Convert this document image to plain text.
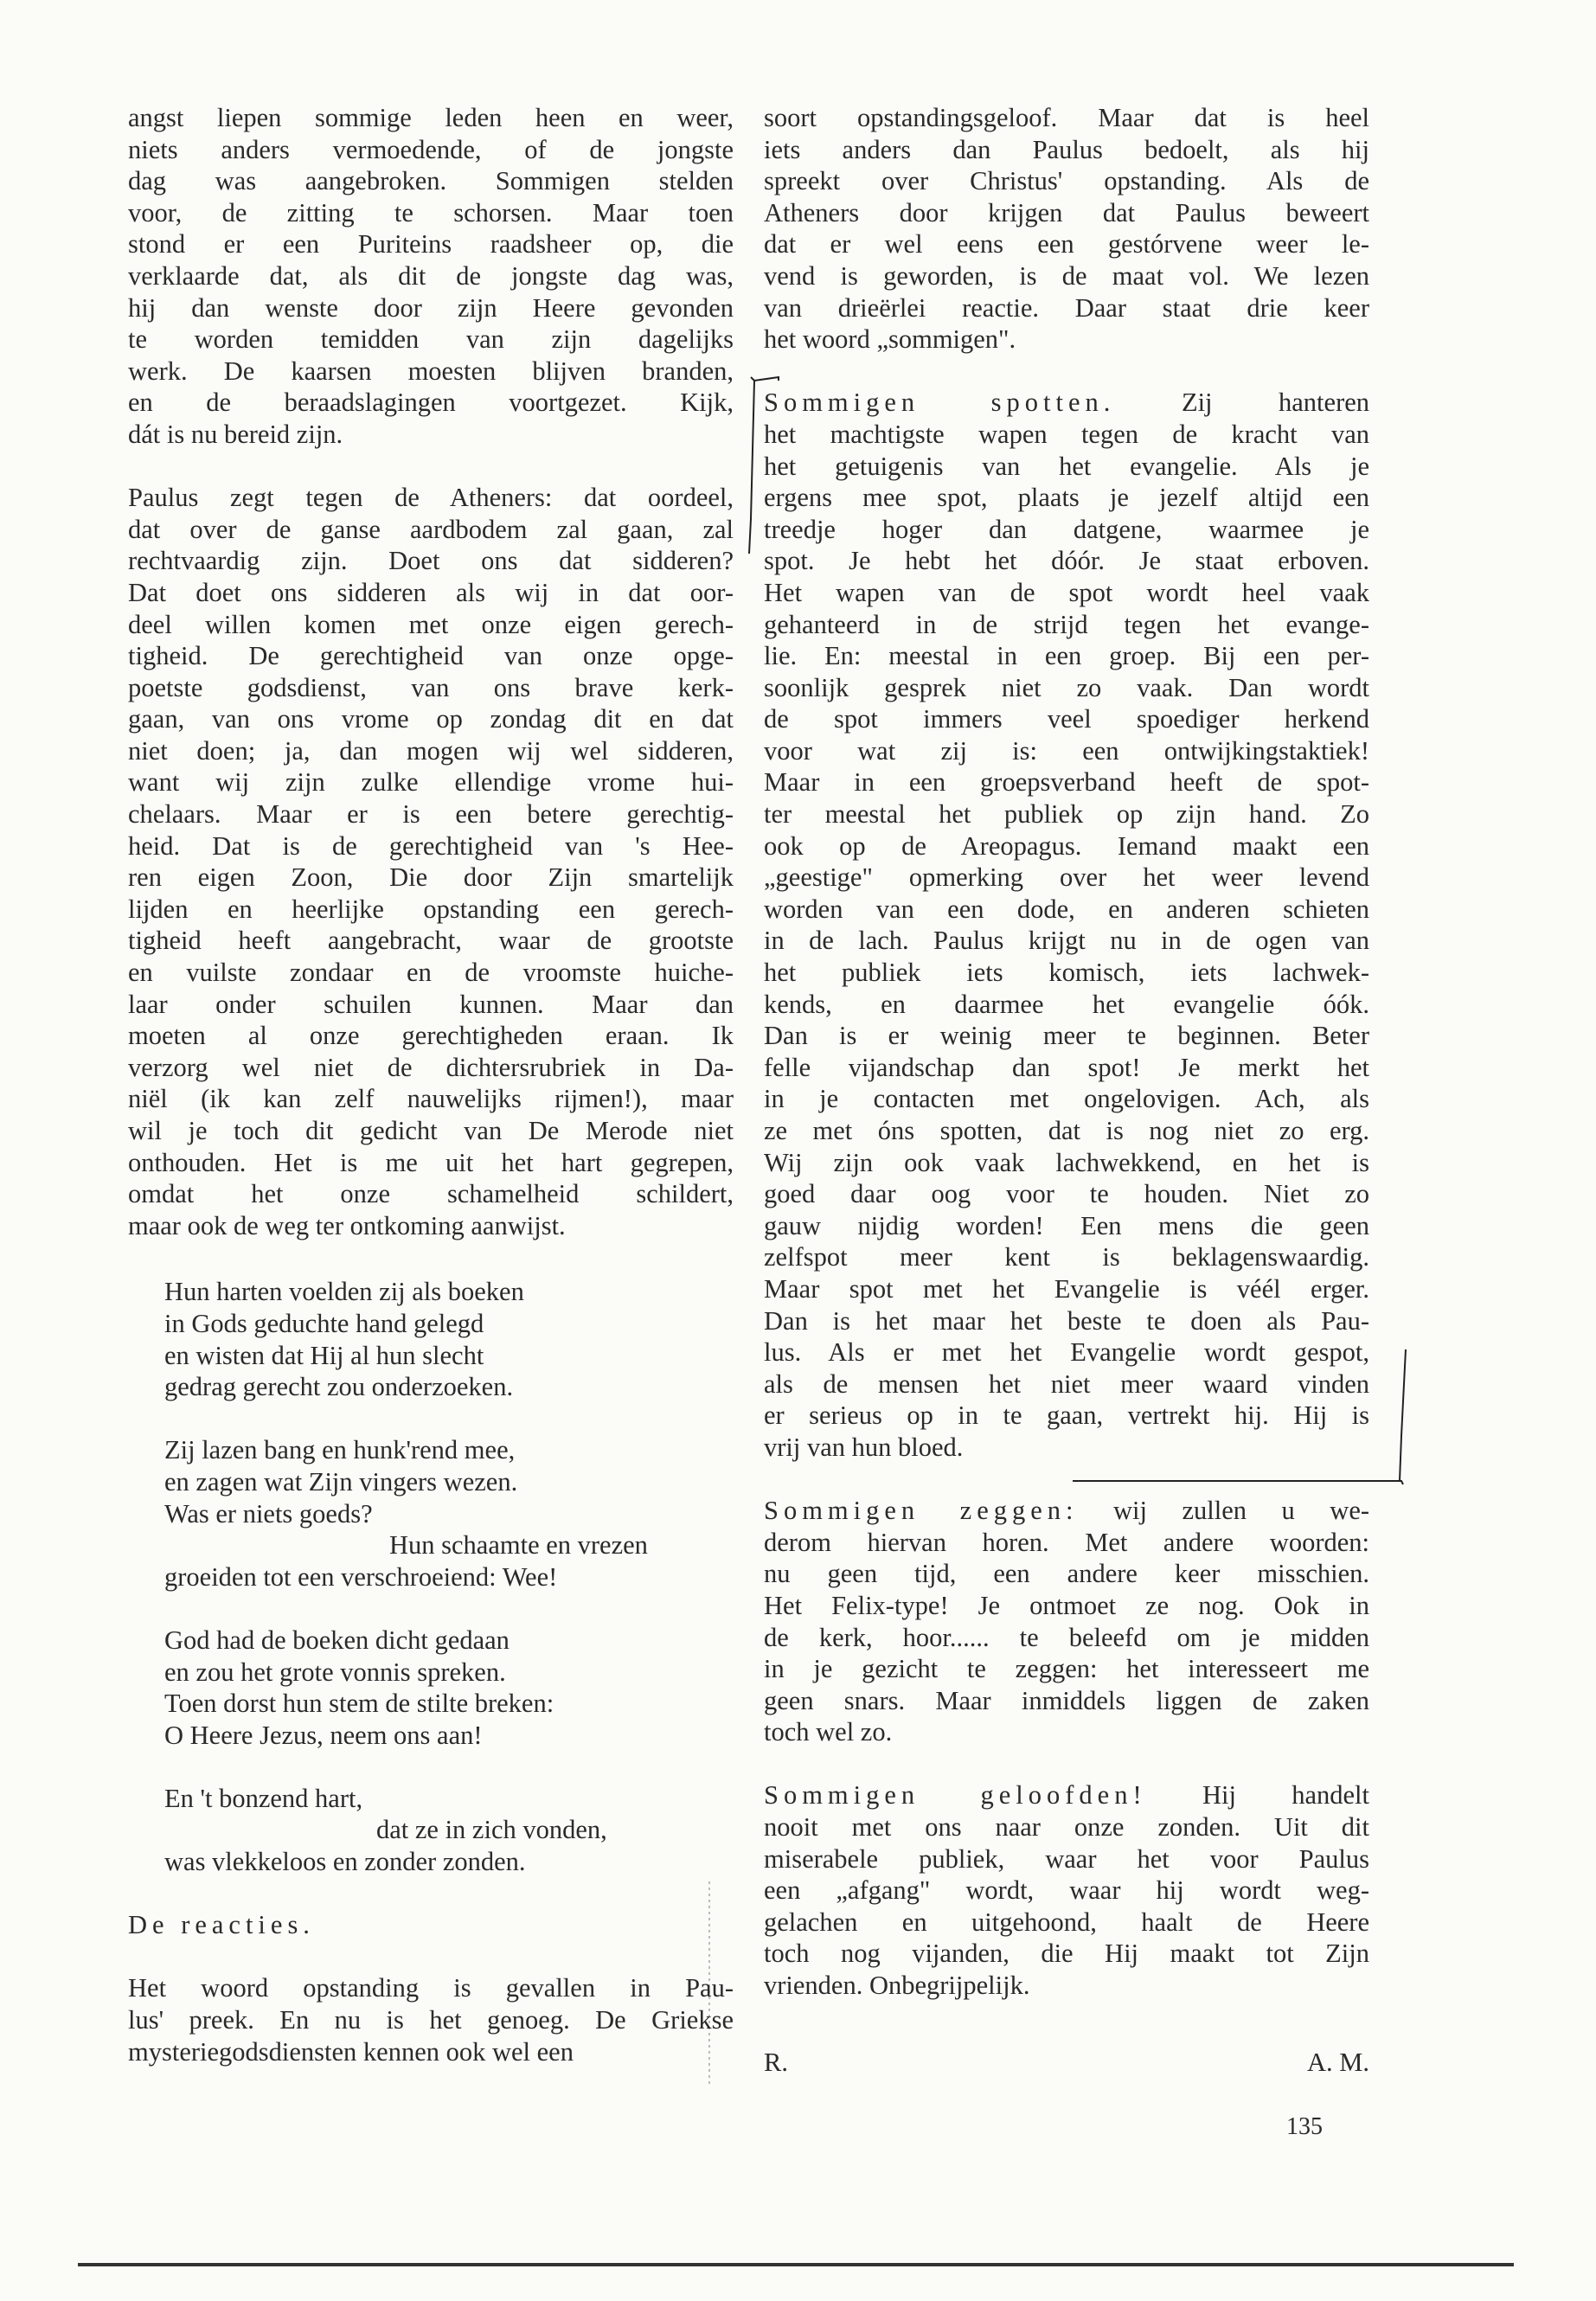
angst liepen sommige leden heen en weer,
niets anders vermoedende, of de jongste
dag was aangebroken. Sommigen stelden
voor, de zitting te schorsen. Maar toen
stond er een Puriteins raadsheer op, die
verklaarde dat, als dit de jongste dag was,
hij dan wenste door zijn Heere gevonden
te worden temidden van zijn dagelijks
werk. De kaarsen moesten blijven branden,
en de beraadslagingen voortgezet. Kijk,
dát is nu bereid zijn.
Paulus zegt tegen de Atheners: dat oordeel,
dat over de ganse aardbodem zal gaan, zal
rechtvaardig zijn. Doet ons dat sidderen?
Dat doet ons sidderen als wij in dat oor-
deel willen komen met onze eigen gerech-
tigheid. De gerechtigheid van onze opge-
poetste godsdienst, van ons brave kerk-
gaan, van ons vrome op zondag dit en dat
niet doen; ja, dan mogen wij wel sidderen,
want wij zijn zulke ellendige vrome hui-
chelaars. Maar er is een betere gerechtig-
heid. Dat is de gerechtigheid van 's Hee-
ren eigen Zoon, Die door Zijn smartelijk
lijden en heerlijke opstanding een gerech-
tigheid heeft aangebracht, waar de grootste
en vuilste zondaar en de vroomste huiche-
laar onder schuilen kunnen. Maar dan
moeten al onze gerechtigheden eraan. Ik
verzorg wel niet de dichtersrubriek in Da-
niël (ik kan zelf nauwelijks rijmen!), maar
wil je toch dit gedicht van De Merode niet
onthouden. Het is me uit het hart gegrepen,
omdat het onze schamelheid schildert,
maar ook de weg ter ontkoming aanwijst.
Hun harten voelden zij als boeken
in Gods geduchte hand gelegd
en wisten dat Hij al hun slecht
gedrag gerecht zou onderzoeken.
Zij lazen bang en hunk'rend mee,
en zagen wat Zijn vingers wezen.
Was er niets goeds?
Hun schaamte en vrezen
groeiden tot een verschroeiend: Wee!
God had de boeken dicht gedaan
en zou het grote vonnis spreken.
Toen dorst hun stem de stilte breken:
O Heere Jezus, neem ons aan!
En 't bonzend hart,
dat ze in zich vonden,
was vlekkeloos en zonder zonden.
De reacties.
Het woord opstanding is gevallen in Pau-
lus' preek. En nu is het genoeg. De Griekse
mysteriegodsdiensten kennen ook wel een
soort opstandingsgeloof. Maar dat is heel
iets anders dan Paulus bedoelt, als hij
spreekt over Christus' opstanding. Als de
Atheners door krijgen dat Paulus beweert
dat er wel eens een gestórvene weer le-
vend is geworden, is de maat vol. We lezen
van drieërlei reactie. Daar staat drie keer
het woord „sommigen".
Sommigen spotten.	Zij hanteren
het machtigste wapen tegen de kracht van
het getuigenis van het evangelie. Als je
ergens mee spot, plaats je jezelf altijd een
treedje hoger dan datgene, waarmee je
spot. Je hebt het dóór. Je staat erboven.
Het wapen van de spot wordt heel vaak
gehanteerd in de strijd tegen het evange-
lie. En: meestal in een groep. Bij een per-
soonlijk gesprek niet zo vaak. Dan wordt
de spot immers veel spoediger herkend
voor wat zij is: een ontwijkingstaktiek!
Maar in een groepsverband heeft de spot-
ter meestal het publiek op zijn hand. Zo
ook op de Areopagus. Iemand maakt een
„geestige" opmerking over het weer levend
worden van een dode, en anderen schieten
in de lach. Paulus krijgt nu in de ogen van
het publiek iets komisch, iets lachwek-
kends, en daarmee het evangelie óók.
Dan is er weinig meer te beginnen. Beter
felle vijandschap dan spot! Je merkt het
in je contacten met ongelovigen. Ach, als
ze met óns spotten, dat is nog niet zo erg.
Wij zijn ook vaak lachwekkend, en het is
goed daar oog voor te houden. Niet zo
gauw nijdig worden! Een mens die geen
zelfspot meer kent is beklagenswaardig.
Maar spot met het Evangelie is véél erger.
Dan is het maar het beste te doen als Pau-
lus. Als er met het Evangelie wordt gespot,
als de mensen het niet meer waard vinden
er serieus op in te gaan, vertrekt hij. Hij is
vrij van hun bloed.
Sommigen zeggen: wij zullen u we-
derom hiervan horen. Met andere woorden:
nu geen tijd, een andere keer misschien.
Het Felix-type! Je ontmoet ze nog. Ook in
de kerk, hoor...... te beleefd om je midden
in je gezicht te zeggen: het interesseert me
geen snars. Maar inmiddels liggen de zaken
toch wel zo.
Sommigen geloofden! Hij handelt
nooit met ons naar onze zonden. Uit dit
miserabele publiek, waar het voor Paulus
een „afgang" wordt, waar hij wordt weg-
gelachen en uitgehoond, haalt de Heere
toch nog vijanden, die Hij maakt tot Zijn
vrienden. Onbegrijpelijk.
R.	A. M.
135
